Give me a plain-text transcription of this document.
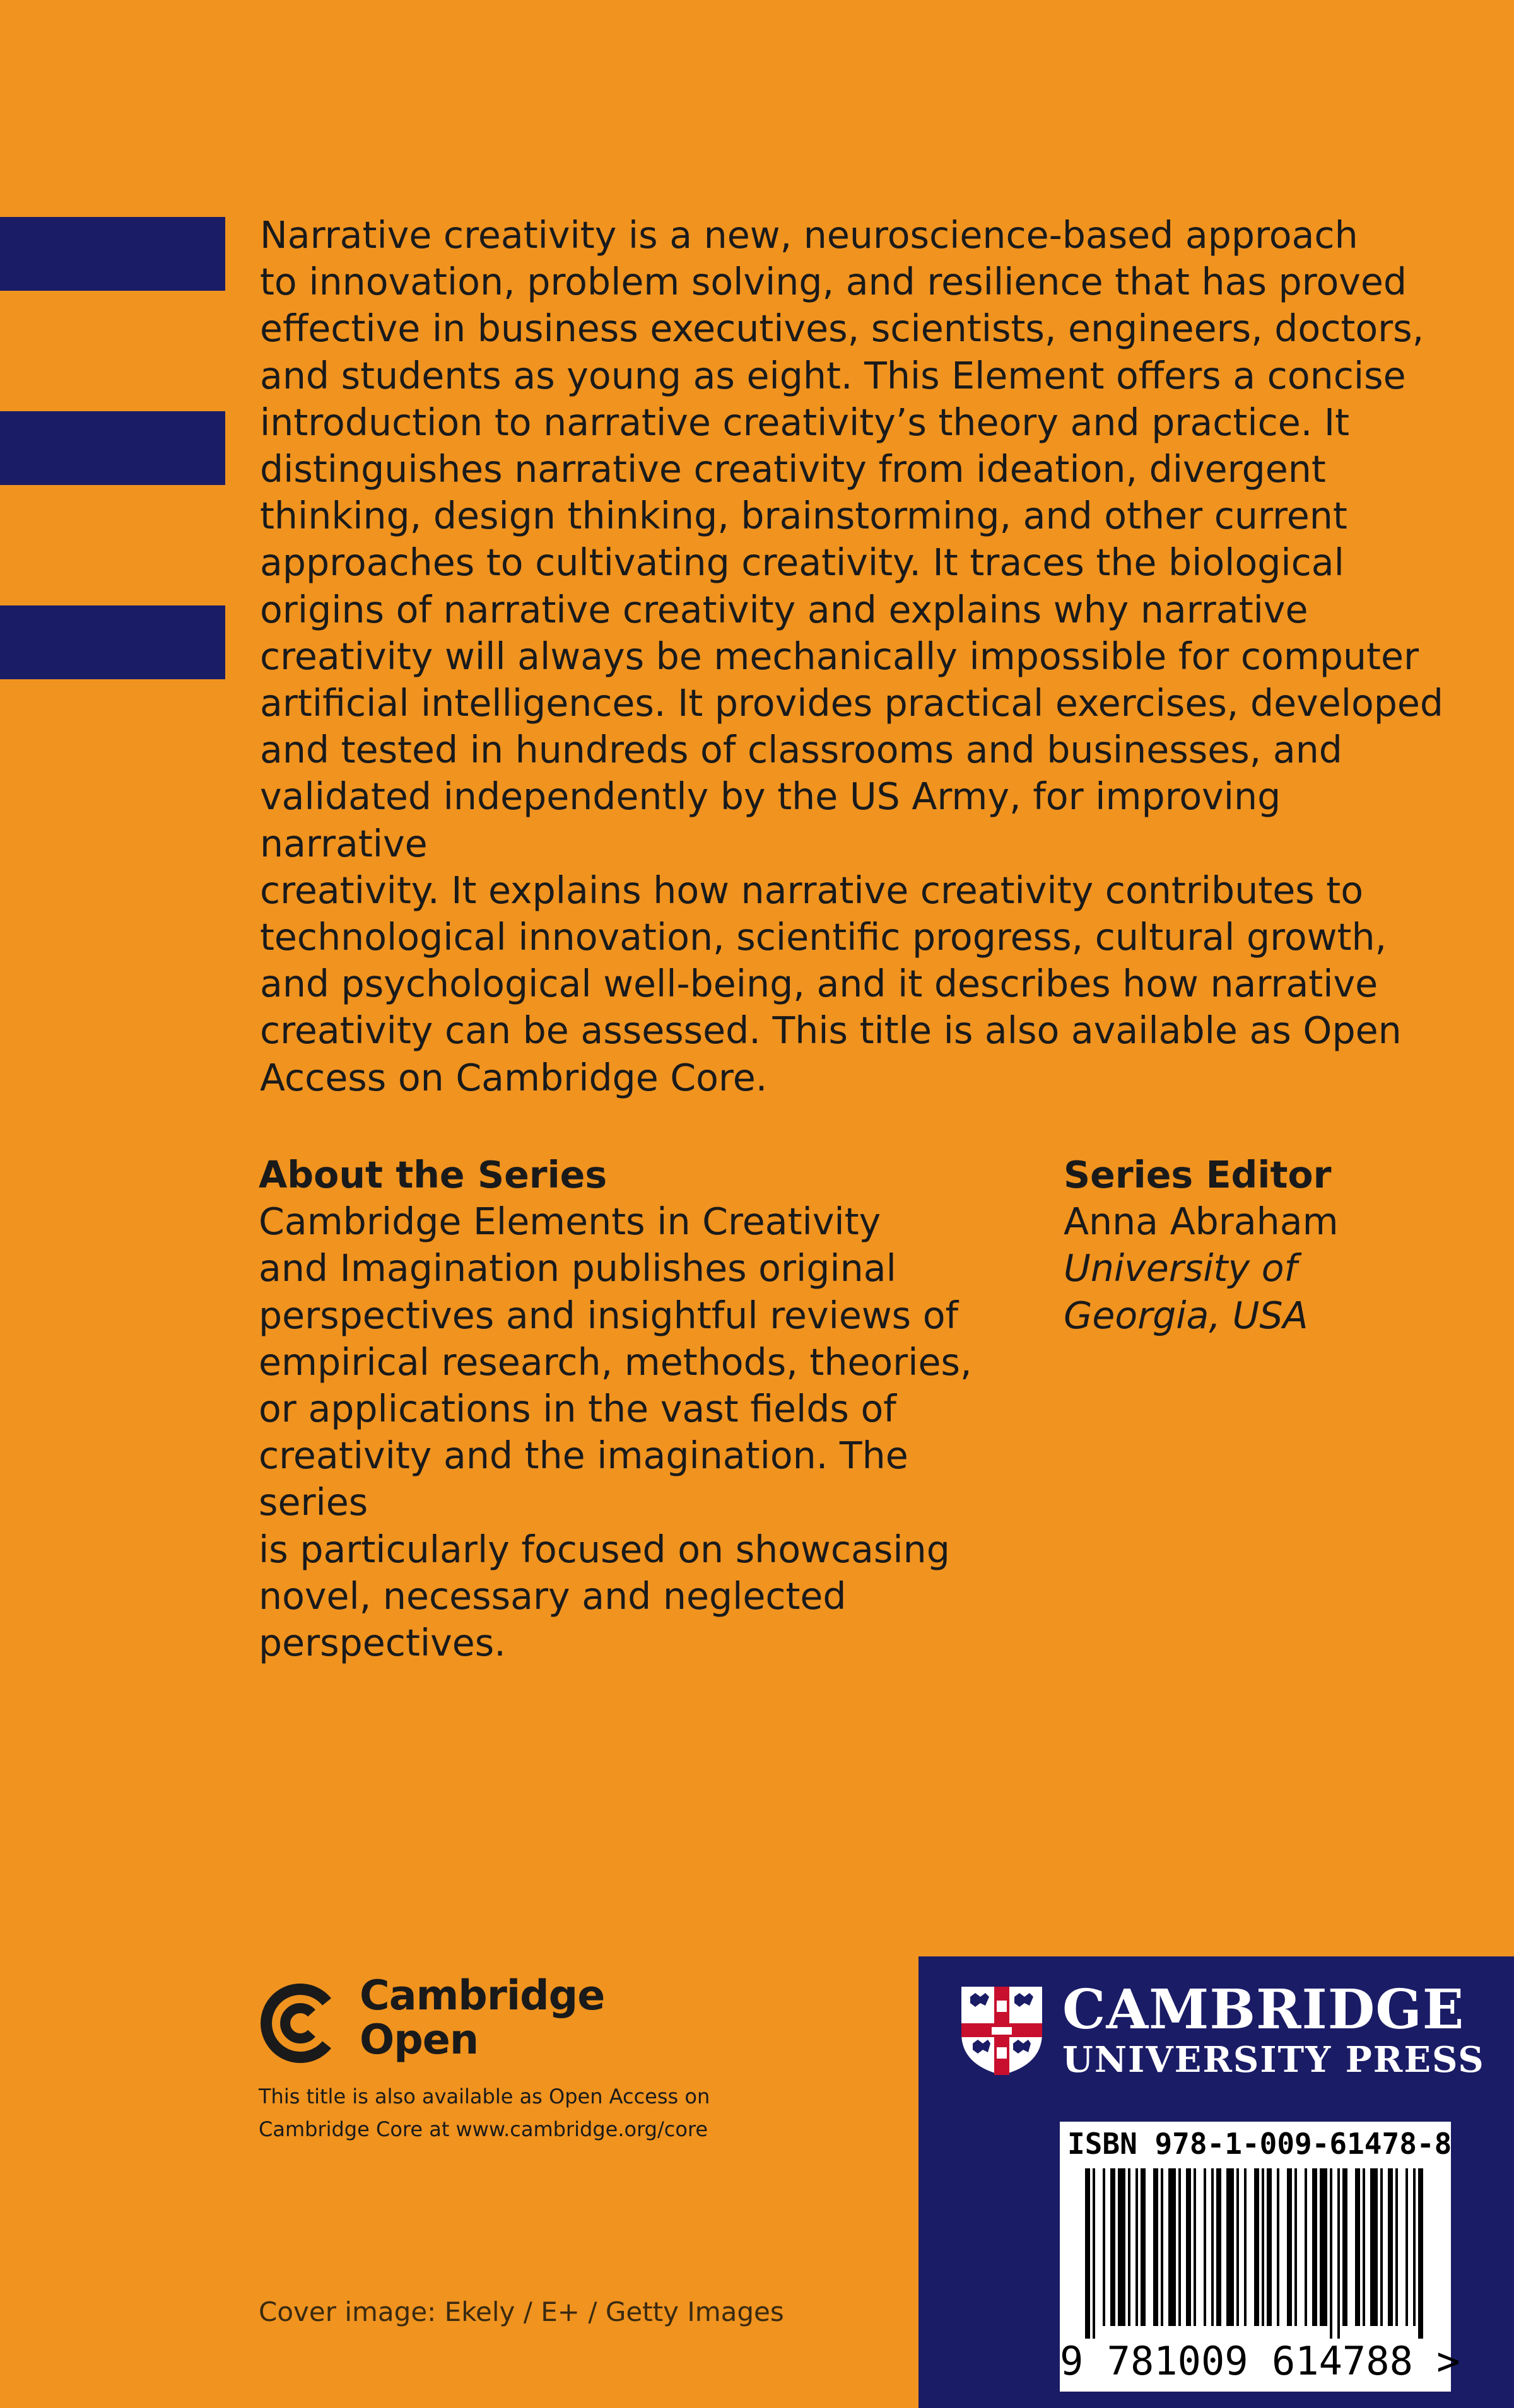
Narrative creativity is a new, neuroscience-based approach
to innovation, problem solving, and resilience that has proved
effective in business executives, scientists, engineers, doctors,
and students as young as eight. This Element offers a concise
introduction to narrative creativity’s theory and practice. It
distinguishes narrative creativity from ideation, divergent
thinking, design thinking, brainstorming, and other current
approaches to cultivating creativity. It traces the biological
origins of narrative creativity and explains why narrative
creativity will always be mechanically impossible for computer
artificial intelligences. It provides practical exercises, developed
and tested in hundreds of classrooms and businesses, and
validated independently by the US Army, for improving narrative
creativity. It explains how narrative creativity contributes to
technological innovation, scientific progress, cultural growth,
and psychological well-being, and it describes how narrative
creativity can be assessed. This title is also available as Open
Access on Cambridge Core.

About the Series
Cambridge Elements in Creativity
and Imagination publishes original
perspectives and insightful reviews of
empirical research, methods, theories,
or applications in the vast fields of
creativity and the imagination. The series
is particularly focused on showcasing
novel, necessary and neglected
perspectives.
Series Editor
Anna Abraham
University of
Georgia, USA
Cambridge
Open
This title is also available as Open Access on
Cambridge Core at www.cambridge.org/core
Cover image: Ekely / E+ / Getty Images
CAMBRIDGE
UNIVERSITY PRESS
ISBN 978-1-009-61478-8
9 781009 614788 >
